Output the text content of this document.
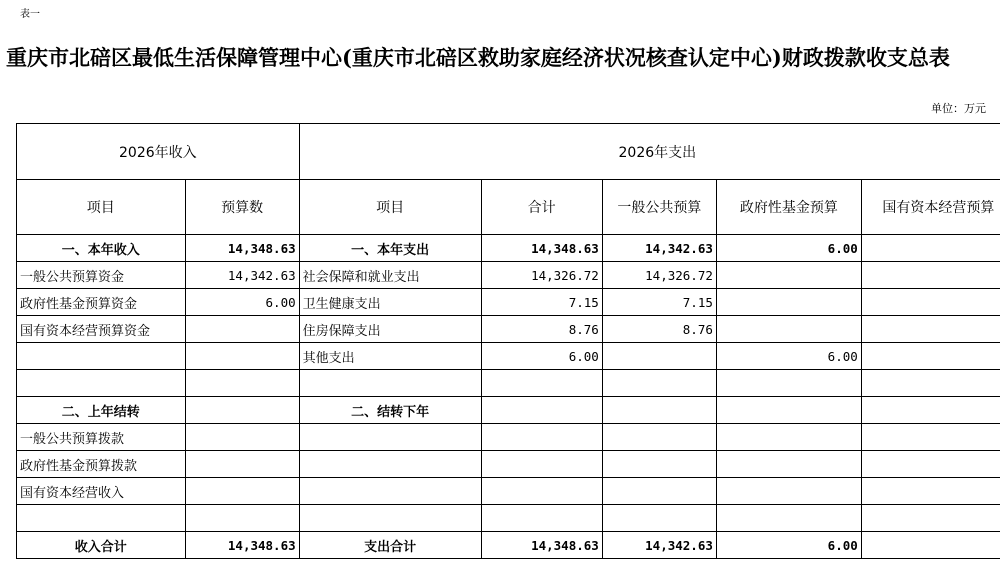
表一
重庆市北碚区最低生活保障管理中心(重庆市北碚区救助家庭经济状况核查认定中心)财政拨款收支总表
单位：万元
2026年收入		2026年支出				
项目	预算数	项目	合计	一般公共预算	政府性基金预算	国有资本经营预算
一、本年收入	14,348.63	一、本年支出	14,348.63	14,342.63	6.00	
一般公共预算资金	14,342.63	社会保障和就业支出	14,326.72	14,326.72		
政府性基金预算资金	6.00	卫生健康支出	7.15	7.15		
国有资本经营预算资金		住房保障支出	8.76	8.76		
		其他支出	6.00		6.00	

二、上年结转		二、结转下年				
一般公共预算拨款						
政府性基金预算拨款						
国有资本经营收入						

收入合计	14,348.63	支出合计	14,348.63	14,342.63	6.00	
